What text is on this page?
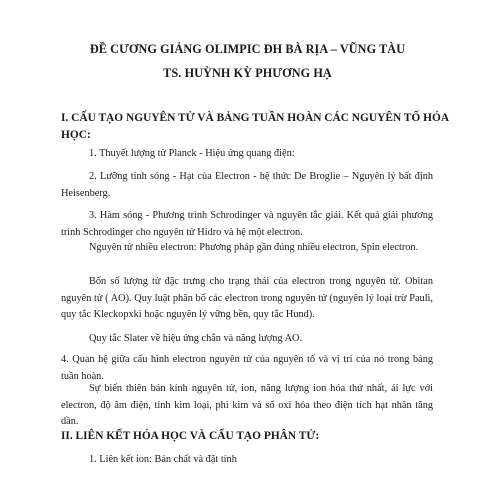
ĐỀ CƯƠNG GIẢNG OLIMPIC ĐH BÀ RỊA – VŨNG TÀU
TS. HUỲNH KỲ PHƯƠNG HẠ
I. CẤU TẠO NGUYÊN TỬ VÀ BẢNG TUẦN HOÀN CÁC NGUYÊN TỐ HÓA HỌC:
1. Thuyết lượng tử Planck - Hiệu ứng quang điện:
2. Lưỡng tính sóng - Hạt của Electron - hệ thức De Broglie – Nguyên lý bất định Heisenberg.
3. Hàm sóng - Phương trình Schrodinger và nguyên tắc giải. Kết quả giải phương trình Schrodinger cho nguyên tử Hidro và hệ một electron.
Nguyên tử nhiều electron: Phương pháp gần đúng nhiều electron, Spin electron.
Bốn số lượng tử đặc trưng cho trạng thái của electron trong nguyên tử. Obitan nguyên tử ( AO). Quy luật phân bố các electron trong nguyên tử (nguyên lý loại trừ Pauli, quy tắc Kleckopxki hoặc nguyên lý vững bền, quy tắc Hund).
Quy tắc Slater về hiệu ứng chắn và năng lượng AO.
4. Quan hệ giữa cấu hình electron nguyên tử của nguyên tố và vị trí của nó trong bảng tuần hoàn.
Sự biến thiên bán kính nguyên tử, ion, năng lượng ion hóa thứ nhất, ái lực với electron, độ âm điện, tính kim loại, phi kim và số oxi hóa theo điện tích hạt nhân tăng dần.
II. LIÊN KẾT HÓA HỌC VÀ CẤU TẠO PHÂN TỬ:
1. Liên kết ion: Bản chất và đặt tính
